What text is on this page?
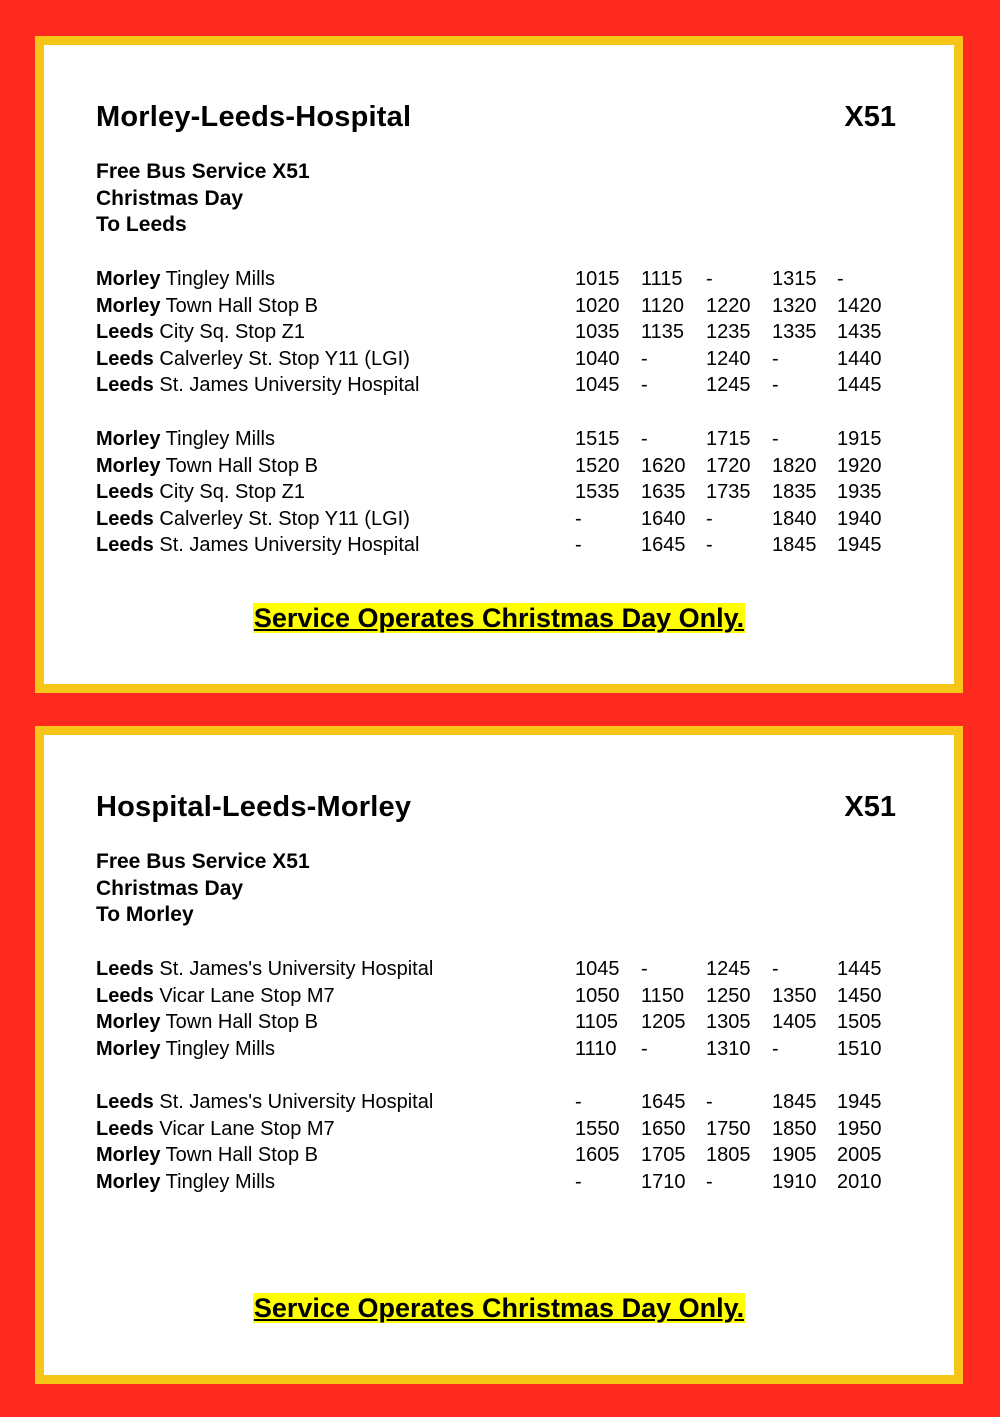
Morley-Leeds-Hospital	X51
Free Bus Service X51
Christmas Day
To Leeds
Morley Tingley Mills	1015	1115	-	1315	-
Morley Town Hall Stop B	1020	1120	1220	1320	1420
Leeds City Sq. Stop Z1	1035	1135	1235	1335	1435
Leeds Calverley St. Stop Y11 (LGI)	1040	-	1240	-	1440
Leeds St. James University Hospital	1045	-	1245	-	1445
Morley Tingley Mills	1515	-	1715	-	1915
Morley Town Hall Stop B	1520	1620	1720	1820	1920
Leeds City Sq. Stop Z1	1535	1635	1735	1835	1935
Leeds Calverley St. Stop Y11 (LGI)	-	1640	-	1840	1940
Leeds St. James University Hospital	-	1645	-	1845	1945
Service Operates Christmas Day Only.
Hospital-Leeds-Morley	X51
Free Bus Service X51
Christmas Day
To Morley
Leeds St. James's University Hospital	1045	-	1245	-	1445
Leeds Vicar Lane Stop M7	1050	1150	1250	1350	1450
Morley Town Hall Stop B	1105	1205	1305	1405	1505
Morley Tingley Mills	1110	-	1310	-	1510
Leeds St. James's University Hospital	-	1645	-	1845	1945
Leeds Vicar Lane Stop M7	1550	1650	1750	1850	1950
Morley Town Hall Stop B	1605	1705	1805	1905	2005
Morley Tingley Mills	-	1710	-	1910	2010
Service Operates Christmas Day Only.
